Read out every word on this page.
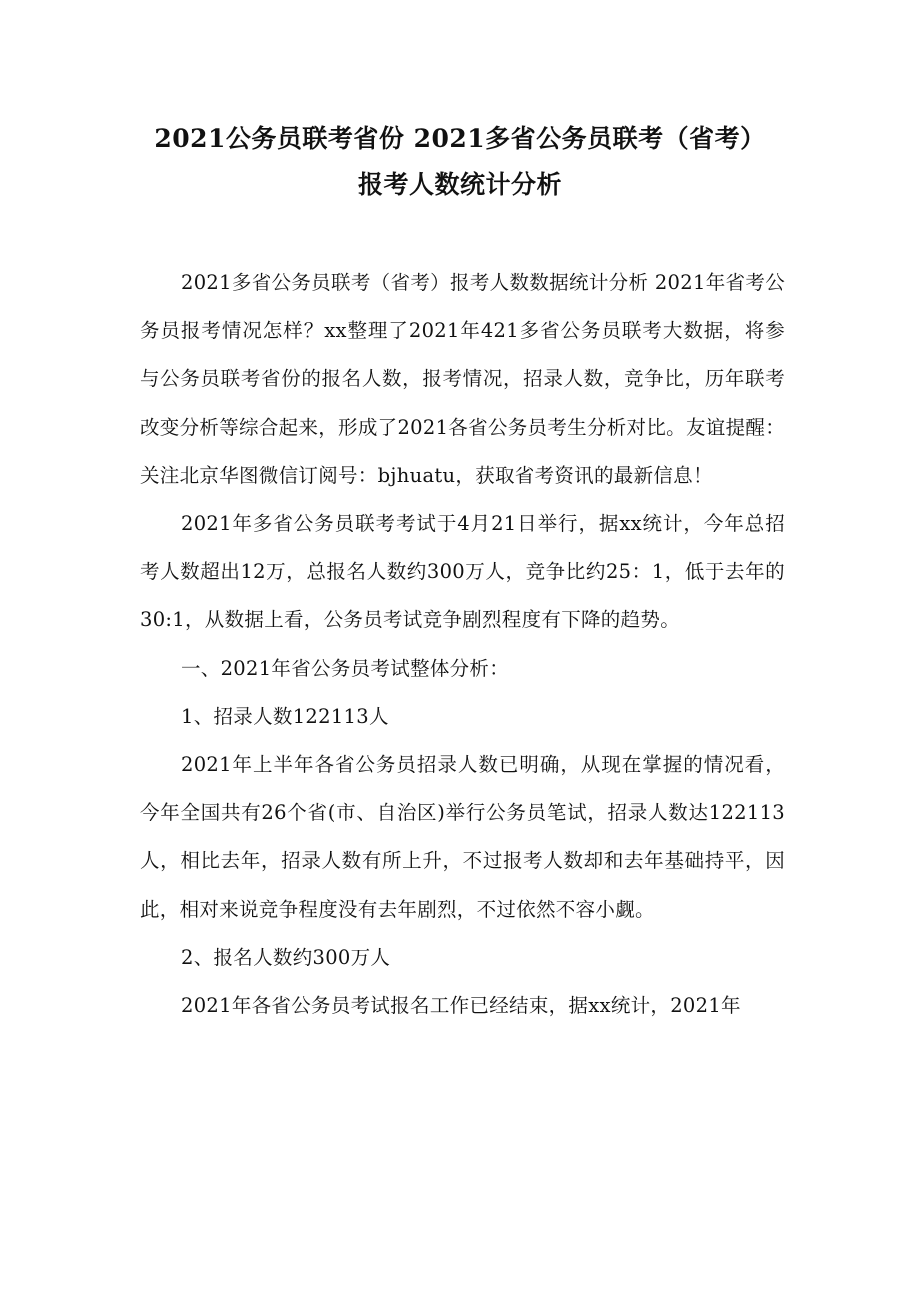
2021公务员联考省份 2021多省公务员联考（省考）
报考人数统计分析

2021多省公务员联考（省考）报考人数数据统计分析 2021年省考公务员报考情况怎样？xx整理了2021年421多省公务员联考大数据，将参与公务员联考省份的报名人数，报考情况，招录人数，竞争比，历年联考改变分析等综合起来，形成了2021各省公务员考生分析对比。友谊提醒：关注北京华图微信订阅号：bjhuatu，获取省考资讯的最新信息！

2021年多省公务员联考考试于4月21日举行，据xx统计，今年总招考人数超出12万，总报名人数约300万人，竞争比约25：1，低于去年的30:1，从数据上看，公务员考试竞争剧烈程度有下降的趋势。

一、2021年省公务员考试整体分析：

1、招录人数122113人

2021年上半年各省公务员招录人数已明确，从现在掌握的情况看，今年全国共有26个省(市、自治区)举行公务员笔试，招录人数达122113人，相比去年，招录人数有所上升，不过报考人数却和去年基础持平，因此，相对来说竞争程度没有去年剧烈，不过依然不容小觑。

2、报名人数约300万人

2021年各省公务员考试报名工作已经结束，据xx统计，2021年
